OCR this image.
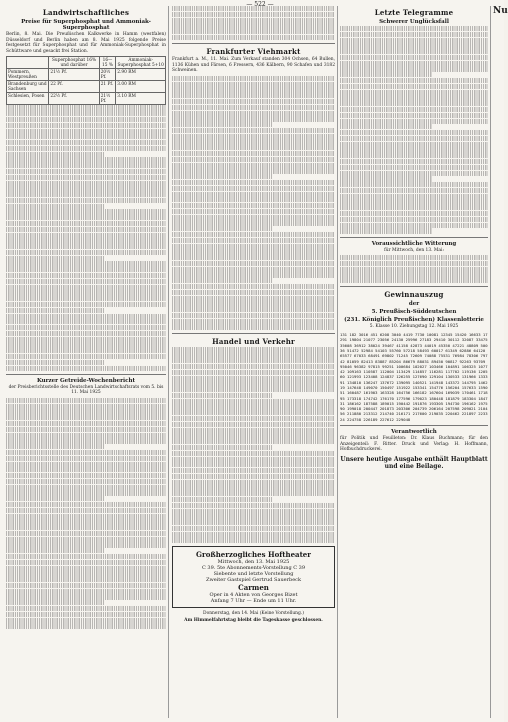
— 522 —
Landwirtschaftliches
Preise für Superphosphat und Ammoniak-Superphosphat

Berlin, 8. Mai. Die Preußischen Kalkwerke in Hamm (westfalen) Düsseldorf und Berlin haben am 8. Mai 1925 folgende Preise festgesetzt für Superphosphat und für Ammoniak-Superphosphat in Schüttware und gesackt frei Station.

	Superphosphat 16% und darüber	16—15 %	Ammoniak-Superphosphat 5+10
Pommern, Westpreußen	21½ Pf.	20½ Pf.	2.90 RM
Brandenburg und Sachsen	22 Pf.	21 Pf.	3.00 RM
Schlesien, Posen	22½ Pf.	21½ Pf.	3.10 RM
Kurzer Getreide-Wochenbericht

der Preisberichtsstelle des Deutschen Landwirtschaftsrats vom 5. bis 11. Mai 1925

Frankfurter Viehmarkt

Frankfurt a. M., 11. Mai. Zum Verkauf standen 304 Ochsen, 64 Bullen, 1136 Kühen und Färsen, 6 Fressern, 436 Kälbern, 90 Schafen und 3182 Schweinen.

Handel und Verkehr
Großherzogliches Hoftheater
Mittwoch, den 13. Mai 1925
C 39. 5te Abonnements-Vorstellung C 39
Siebente und letzte Vorstellung
Zweiter Gastspiel Gertrud Sauerbeck
Carmen
Oper in 4 Akten von Georges Bizet
Anfang 7 Uhr — Ende um 11 Uhr.

Donnerstag, den 14. Mai (Keine Vorstellung.)

Am Himmelfahrtstag bleibt die Tageskasse geschlossen.

Letzte Telegramme
Schwerer Unglücksfall
Voraussichtliche Witterung

für Mittwoch, den 13. Mai:

Gewinnauszug
der
5. Preußisch-Süddeutschen
(231. Königlich Preußischen) Klassenlotterie

5. Klasse 10. Ziehungstag 12. Mai 1925

131 182 3016 451 6208 3040 4419 7730 10081 12345 15420 16633 17291 19804 21077 23056 24130 25996 27183 29410 30112 32087 33475 35608 36912 38024 39467 41158 42873 44019 45350 47221 48809 50036 51472 52984 54103 55760 57218 58493 60017 61349 62886 64120 65577 67033 68491 69802 71245 72609 74088 75531 76984 78306 79742 81059 82413 83887 85204 86679 88031 89450 90817 92263 93709 95046 96382 97815 99251 100684 102027 103466 104891 106325 107742 109163 110587 112004 113429 114857 116281 117702 119136 120560 121993 123408 124837 126255 127690 129104 130533 131966 133391 134810 136247 137672 139095 140521 141948 143372 144795 146219 147648 149070 150497 151922 153341 154776 156204 157633 159051 160487 161903 163328 164756 166182 167604 169039 170461 171895 173318 174742 176170 177596 179023 180448 181879 183304 184731 186162 187588 189015 190442 191876 193305 194730 196162 197590 199018 200447 201873 203306 204739 206164 207598 209021 210456 211880 213312 214740 216171 217600 219035 220462 221897 223324 224758 226189 227612 229048
Verantwortlich

für Politik und Feuilleton: Dr. Klaus Buchmann; für den Anzeigenteil: F. Ritter. Druck und Verlag: H. Hoffmann, Hofbuchdruckerei.

Unsere heutige Ausgabe enthält Hauptblatt und eine Beilage.
Nu
